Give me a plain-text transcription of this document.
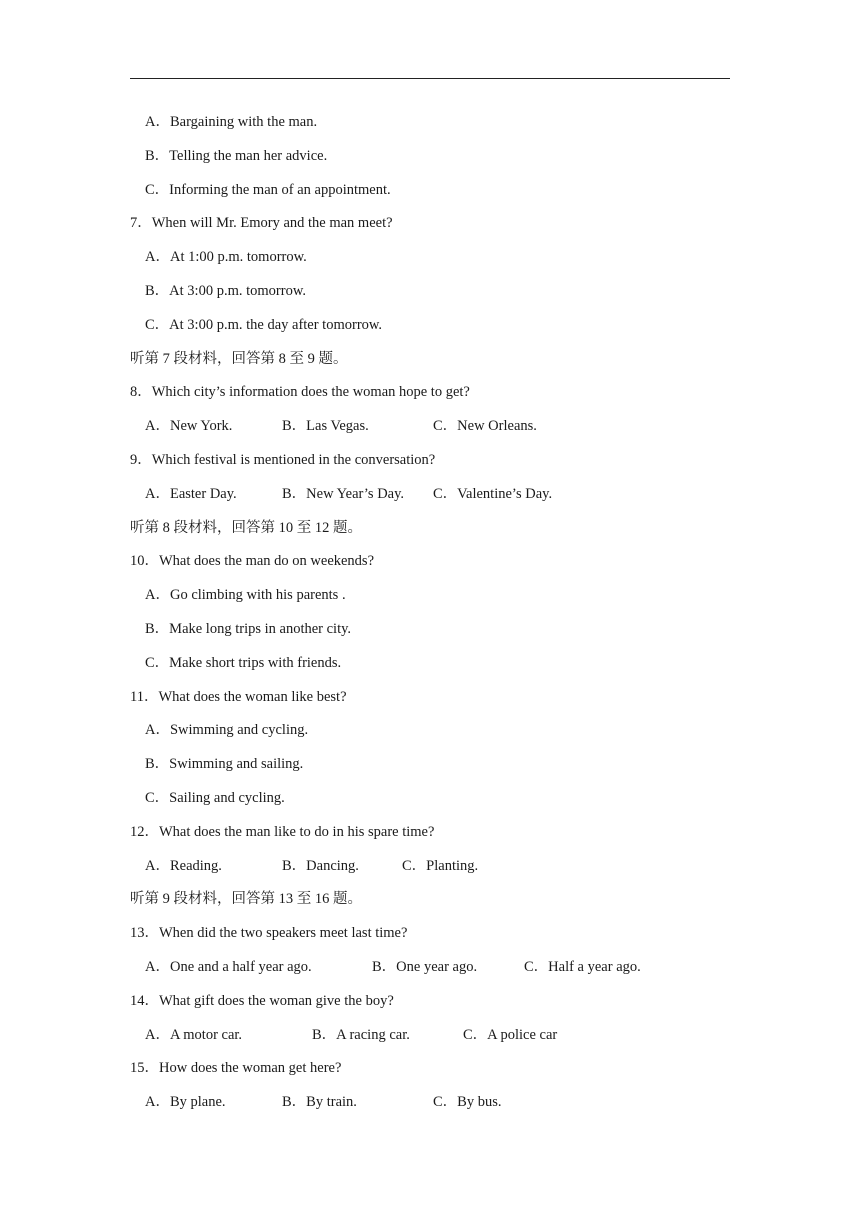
A．Bargaining with the man.
B．Telling the man her advice.
C．Informing the man of an appointment.
7．When will Mr. Emory and the man meet?
A．At 1:00 p.m. tomorrow.
B．At 3:00 p.m. tomorrow.
C．At 3:00 p.m. the day after tomorrow.
听第 7 段材料，回答第 8 至 9 题。
8．Which city’s information does the woman hope to get?
A．New York.	B．Las Vegas.	C．New Orleans.
9．Which festival is mentioned in the conversation?
A．Easter Day.	B．New Year’s Day. C．Valentine’s Day.
听第 8 段材料，回答第 10 至 12 题。
10．What does the man do on weekends?
A．Go climbing with his parents .
B．Make long trips in another city.
C．Make short trips with friends.
11．What does the woman like best?
A．Swimming and cycling.
B．Swimming and sailing.
C．Sailing and cycling.
12．What does the man like to do in his spare time?
A．Reading.	B．Dancing.	C．Planting.
听第 9 段材料，回答第 13 至 16 题。
13．When did the two speakers meet last time?
A．One and a half year ago.	B．One year ago.	C．Half a year ago.
14．What gift does the woman give the boy?
A．A motor car.	B．A racing car.	C．A police car
15．How does the woman get here?
A．By plane.	B．By train.	C．By bus.
